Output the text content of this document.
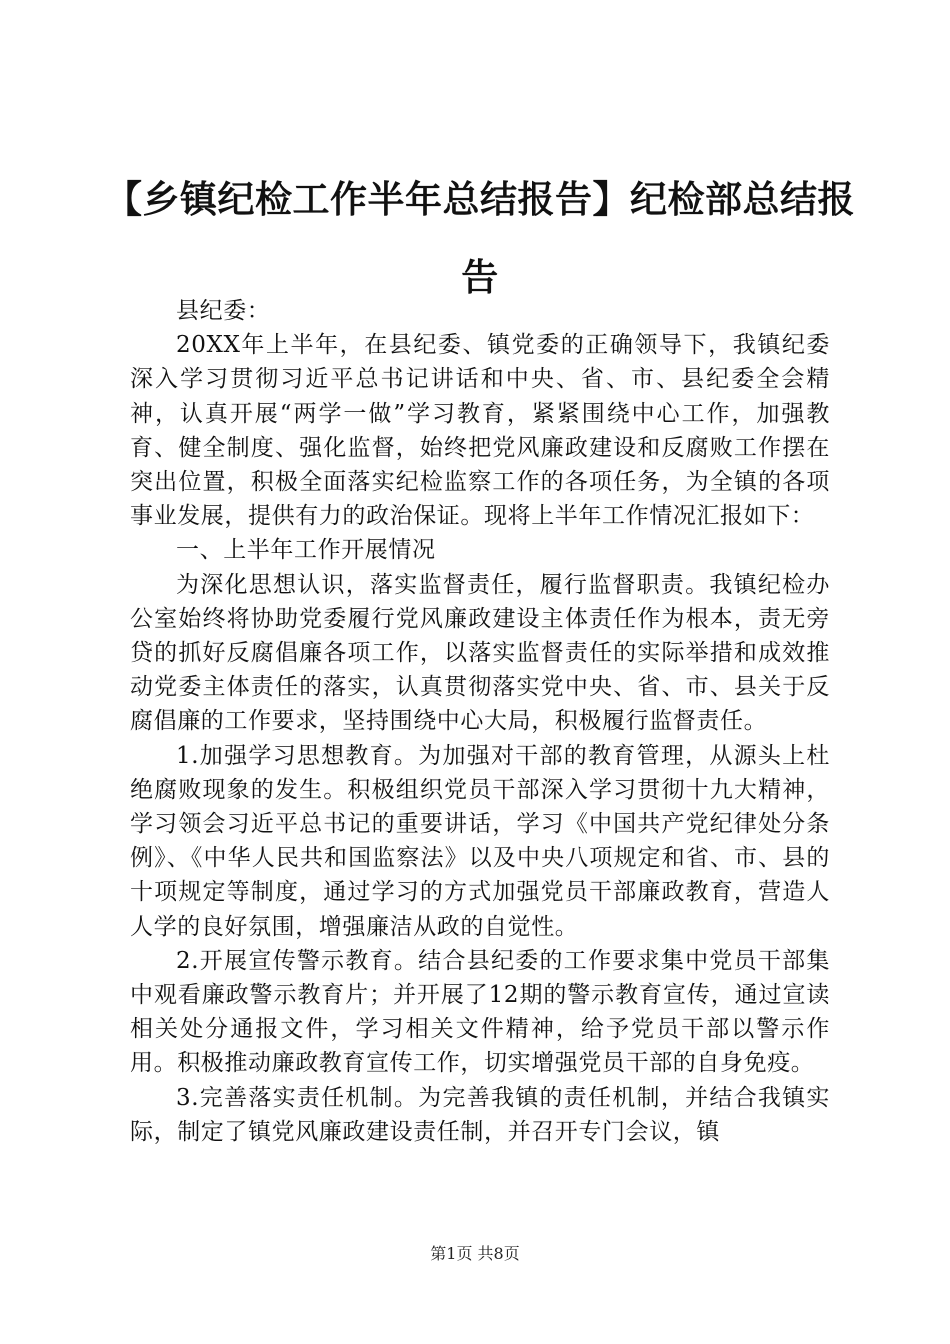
【乡镇纪检工作半年总结报告】纪检部总结报告

县纪委：

20XX年上半年，在县纪委、镇党委的正确领导下，我镇纪委深入学习贯彻习近平总书记讲话和中央、省、市、县纪委全会精神，认真开展“两学一做”学习教育，紧紧围绕中心工作，加强教育、健全制度、强化监督，始终把党风廉政建设和反腐败工作摆在突出位置，积极全面落实纪检监察工作的各项任务，为全镇的各项事业发展，提供有力的政治保证。现将上半年工作情况汇报如下：

一、上半年工作开展情况

为深化思想认识，落实监督责任，履行监督职责。我镇纪检办公室始终将协助党委履行党风廉政建设主体责任作为根本，责无旁贷的抓好反腐倡廉各项工作，以落实监督责任的实际举措和成效推动党委主体责任的落实，认真贯彻落实党中央、省、市、县关于反腐倡廉的工作要求，坚持围绕中心大局，积极履行监督责任。

1.加强学习思想教育。为加强对干部的教育管理，从源头上杜绝腐败现象的发生。积极组织党员干部深入学习贯彻十九大精神，学习领会习近平总书记的重要讲话，学习《中国共产党纪律处分条例》、《中华人民共和国监察法》以及中央八项规定和省、市、县的十项规定等制度，通过学习的方式加强党员干部廉政教育，营造人人学的良好氛围，增强廉洁从政的自觉性。

2.开展宣传警示教育。结合县纪委的工作要求集中党员干部集中观看廉政警示教育片；并开展了12期的警示教育宣传，通过宣读相关处分通报文件，学习相关文件精神，给予党员干部以警示作用。积极推动廉政教育宣传工作，切实增强党员干部的自身免疫。

3.完善落实责任机制。为完善我镇的责任机制，并结合我镇实际，制定了镇党风廉政建设责任制，并召开专门会议，镇

第1页 共8页
